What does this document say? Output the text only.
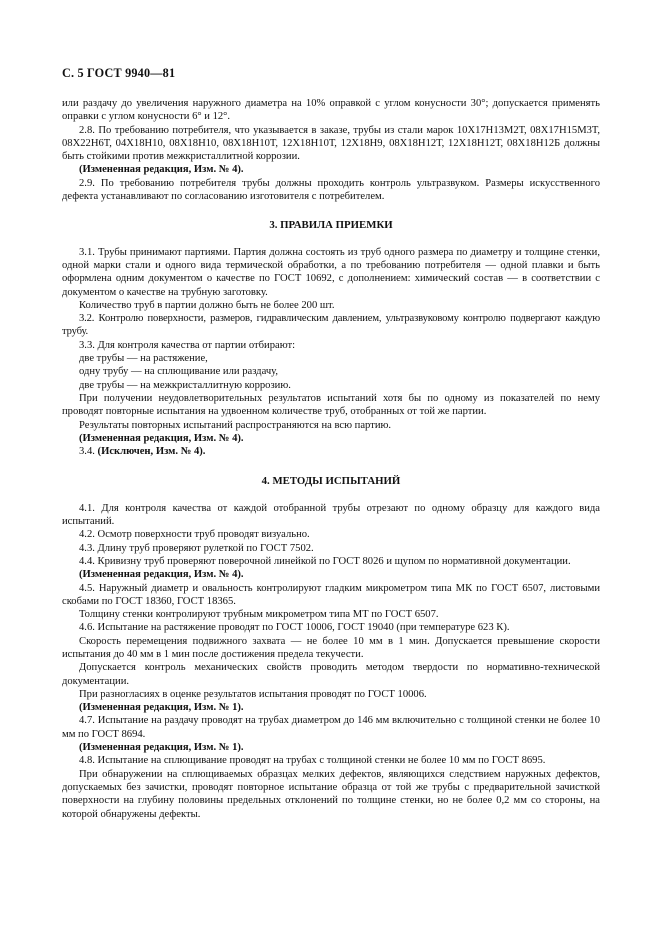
С. 5 ГОСТ 9940—81

или раздачу до увеличения наружного диаметра на 10% оправкой с углом конусности 30°; допускается применять оправки с углом конусности 6° и 12°.

2.8. По требованию потребителя, что указывается в заказе, трубы из стали марок 10Х17Н13М2Т, 08Х17Н15М3Т, 08Х22Н6Т, 04Х18Н10, 08Х18Н10, 08Х18Н10Т, 12Х18Н10Т, 12Х18Н9, 08Х18Н12Т, 12Х18Н12Т, 08Х18Н12Б должны быть стойкими против межкристаллитной коррозии.

(Измененная редакция, Изм. № 4).

2.9. По требованию потребителя трубы должны проходить контроль ультразвуком. Размеры искусственного дефекта устанавливают по согласованию изготовителя с потребителем.

3. ПРАВИЛА ПРИЕМКИ

3.1. Трубы принимают партиями. Партия должна состоять из труб одного размера по диаметру и толщине стенки, одной марки стали и одного вида термической обработки, а по требованию потребителя — одной плавки и быть оформлена одним документом о качестве по ГОСТ 10692, с дополнением: химический состав — в соответствии с документом о качестве на трубную заготовку.

Количество труб в партии должно быть не более 200 шт.

3.2. Контролю поверхности, размеров, гидравлическим давлением, ультразвуковому контролю подвергают каждую трубу.

3.3. Для контроля качества от партии отбирают:

две трубы — на растяжение,

одну трубу — на сплющивание или раздачу,

две трубы — на межкристаллитную коррозию.

При получении неудовлетворительных результатов испытаний хотя бы по одному из показателей по нему проводят повторные испытания на удвоенном количестве труб, отобранных от той же партии.

Результаты повторных испытаний распространяются на всю партию.

(Измененная редакция, Изм. № 4).

3.4. (Исключен, Изм. № 4).

4. МЕТОДЫ ИСПЫТАНИЙ

4.1. Для контроля качества от каждой отобранной трубы отрезают по одному образцу для каждого вида испытаний.

4.2. Осмотр поверхности труб проводят визуально.

4.3. Длину труб проверяют рулеткой по ГОСТ 7502.

4.4. Кривизну труб проверяют поверочной линейкой по ГОСТ 8026 и щупом по нормативной документации.

(Измененная редакция, Изм. № 4).

4.5. Наружный диаметр и овальность контролируют гладким микрометром типа МК по ГОСТ 6507, листовыми скобами по ГОСТ 18360, ГОСТ 18365.

Толщину стенки контролируют трубным микрометром типа МТ по ГОСТ 6507.

4.6. Испытание на растяжение проводят по ГОСТ 10006, ГОСТ 19040 (при температуре 623 К).

Скорость перемещения подвижного захвата — не более 10 мм в 1 мин. Допускается превышение скорости испытания до 40 мм в 1 мин после достижения предела текучести.

Допускается контроль механических свойств проводить методом твердости по нормативно-технической документации.

При разногласиях в оценке результатов испытания проводят по ГОСТ 10006.

(Измененная редакция, Изм. № 1).

4.7. Испытание на раздачу проводят на трубах диаметром до 146 мм включительно с толщиной стенки не более 10 мм по ГОСТ 8694.

(Измененная редакция, Изм. № 1).

4.8. Испытание на сплющивание проводят на трубах с толщиной стенки не более 10 мм по ГОСТ 8695.

При обнаружении на сплющиваемых образцах мелких дефектов, являющихся следствием наружных дефектов, допускаемых без зачистки, проводят повторное испытание образца от той же трубы с предварительной зачисткой поверхности на глубину половины предельных отклонений по толщине стенки, но не более 0,2 мм со стороны, на которой обнаружены дефекты.
